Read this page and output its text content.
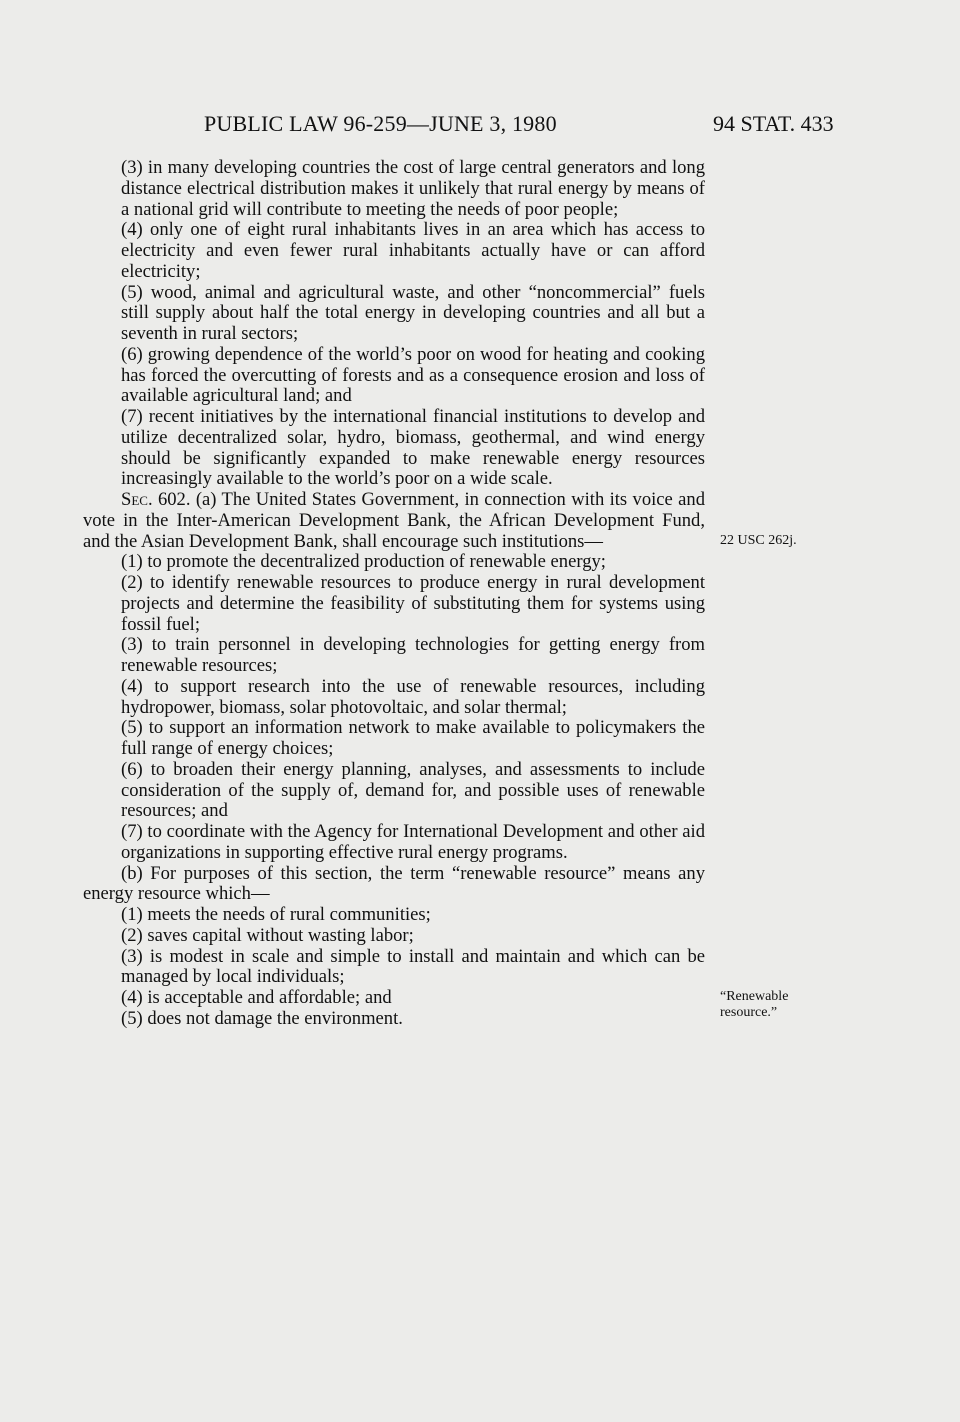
PUBLIC LAW 96-259—JUNE 3, 1980	94 STAT. 433
22 USC 262j.
“Renewable
resource.”

(3) in many developing countries the cost of large central generators and long distance electrical distribution makes it unlikely that rural energy by means of a national grid will contribute to meeting the needs of poor people;

(4) only one of eight rural inhabitants lives in an area which has access to electricity and even fewer rural inhabitants actually have or can afford electricity;

(5) wood, animal and agricultural waste, and other “noncommercial” fuels still supply about half the total energy in developing countries and all but a seventh in rural sectors;

(6) growing dependence of the world’s poor on wood for heating and cooking has forced the overcutting of forests and as a consequence erosion and loss of available agricultural land; and

(7) recent initiatives by the international financial institutions to develop and utilize decentralized solar, hydro, biomass, geothermal, and wind energy should be significantly expanded to make renewable energy resources increasingly available to the world’s poor on a wide scale.

Sec. 602. (a) The United States Government, in connection with its voice and vote in the Inter-American Development Bank, the African Development Fund, and the Asian Development Bank, shall encourage such institutions—

(1) to promote the decentralized production of renewable energy;

(2) to identify renewable resources to produce energy in rural development projects and determine the feasibility of substituting them for systems using fossil fuel;

(3) to train personnel in developing technologies for getting energy from renewable resources;

(4) to support research into the use of renewable resources, including hydropower, biomass, solar photovoltaic, and solar thermal;

(5) to support an information network to make available to policymakers the full range of energy choices;

(6) to broaden their energy planning, analyses, and assessments to include consideration of the supply of, demand for, and possible uses of renewable resources; and

(7) to coordinate with the Agency for International Development and other aid organizations in supporting effective rural energy programs.

(b) For purposes of this section, the term “renewable resource” means any energy resource which—

(1) meets the needs of rural communities;

(2) saves capital without wasting labor;

(3) is modest in scale and simple to install and maintain and which can be managed by local individuals;

(4) is acceptable and affordable; and

(5) does not damage the environment.
